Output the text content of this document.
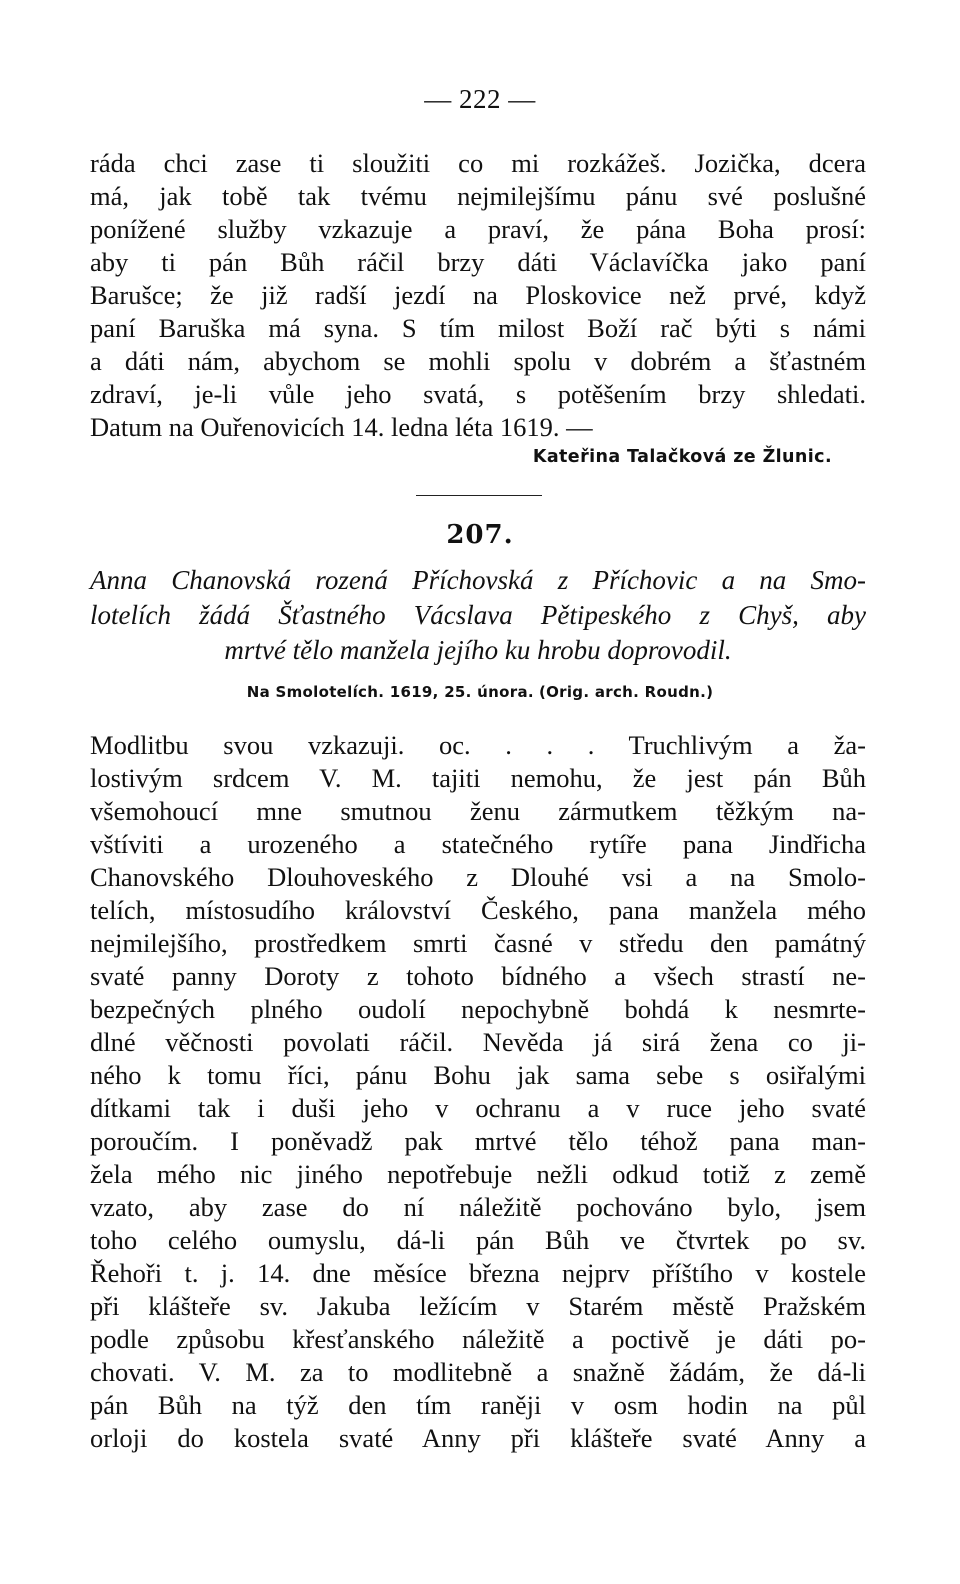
— 222 —
ráda chci zase ti sloužiti co mi rozkážeš. Jozička, dcera
má, jak tobě tak tvému nejmilejšímu pánu své poslušné
ponížené služby vzkazuje a praví, že pána Boha prosí:
aby ti pán Bůh ráčil brzy dáti Václavíčka jako paní
Barušce; že již radší jezdí na Ploskovice než prvé, když
paní Baruška má syna. S tím milost Boží rač býti s námi
a dáti nám, abychom se mohli spolu v dobrém a šťastném
zdraví, je-li vůle jeho svatá, s potěšením brzy shledati.
Datum na Ouřenovicích 14. ledna léta 1619. —
Kateřina Talačková ze Žlunic.
207.
Anna Chanovská rozená Příchovská z Příchovic a na Smo-
lotelích žádá Šťastného Vácslava Pětipeského z Chyš, aby
mrtvé tělo manžela jejího ku hrobu doprovodil.
Na Smolotelích. 1619, 25. února. (Orig. arch. Roudn.)
Modlitbu svou vzkazuji. oc. . . . Truchlivým a ža-
lostivým srdcem V. M. tajiti nemohu, že jest pán Bůh
všemohoucí mne smutnou ženu zármutkem těžkým na-
vštíviti a urozeného a statečného rytíře pana Jindřicha
Chanovského Dlouhoveského z Dlouhé vsi a na Smolo-
telích, místosudího království Českého, pana manžela mého
nejmilejšího, prostředkem smrti časné v středu den památný
svaté panny Doroty z tohoto bídného a všech strastí ne-
bezpečných plného oudolí nepochybně bohdá k nesmrte-
dlné věčnosti povolati ráčil. Nevěda já sirá žena co ji-
ného k tomu říci, pánu Bohu jak sama sebe s osiřalými
dítkami tak i duši jeho v ochranu a v ruce jeho svaté
poroučím. I poněvadž pak mrtvé tělo téhož pana man-
žela mého nic jiného nepotřebuje nežli odkud totiž z země
vzato, aby zase do ní náležitě pochováno bylo, jsem
toho celého oumyslu, dá-li pán Bůh ve čtvrtek po sv.
Řehoři t. j. 14. dne měsíce března nejprv příštího v kostele
při klášteře sv. Jakuba ležícím v Starém městě Pražském
podle způsobu křesťanského náležitě a poctivě je dáti po-
chovati. V. M. za to modlitebně a snažně žádám, že dá-li
pán Bůh na týž den tím raněji v osm hodin na půl
orloji do kostela svaté Anny při klášteře svaté Anny a
